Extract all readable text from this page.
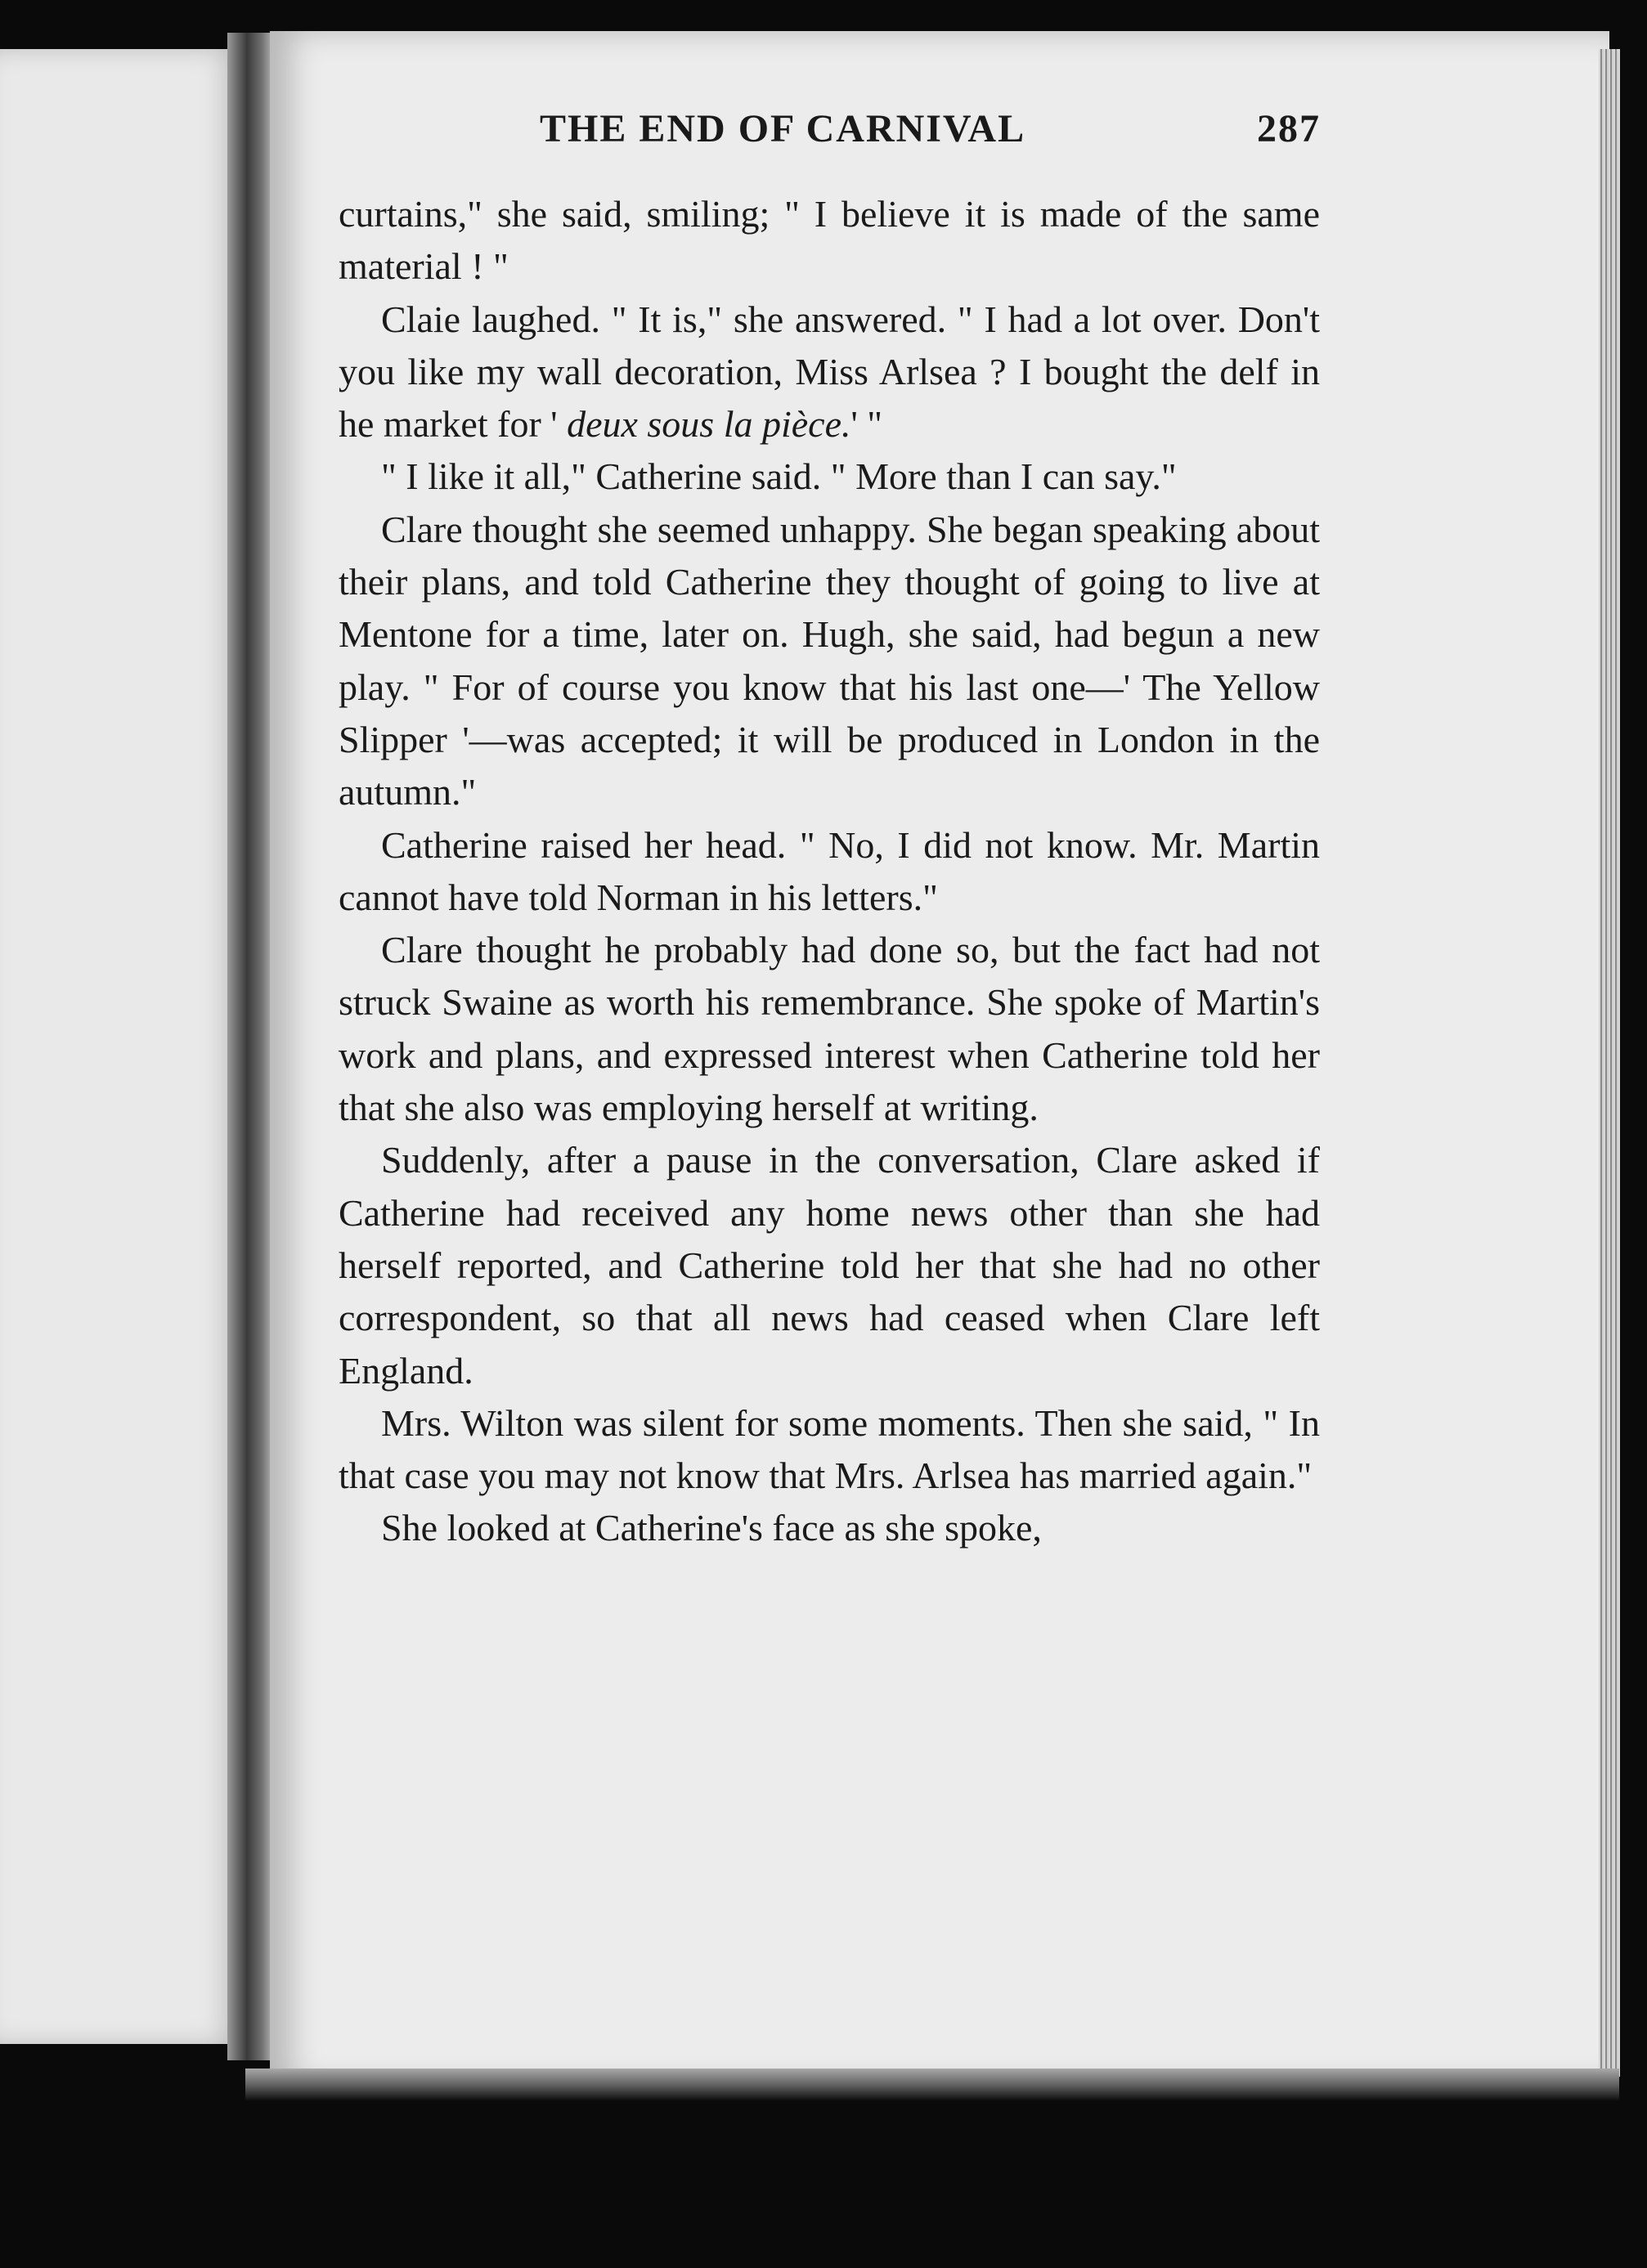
THE END OF CARNIVAL	287

curtains," she said, smiling; " I believe it is made of the same material ! "

Claie laughed. " It is," she answered. " I had a lot over. Don't you like my wall decoration, Miss Arlsea ? I bought the delf in he market for ' deux sous la pièce.' "

" I like it all," Catherine said. " More than I can say."

Clare thought she seemed unhappy. She began speaking about their plans, and told Catherine they thought of going to live at Mentone for a time, later on. Hugh, she said, had begun a new play. " For of course you know that his last one—' The Yellow Slipper '—was accepted; it will be produced in London in the autumn."

Catherine raised her head. " No, I did not know. Mr. Martin cannot have told Norman in his letters."

Clare thought he probably had done so, but the fact had not struck Swaine as worth his remembrance. She spoke of Martin's work and plans, and expressed interest when Catherine told her that she also was employing herself at writing.

Suddenly, after a pause in the conversation, Clare asked if Catherine had received any home news other than she had herself reported, and Catherine told her that she had no other correspondent, so that all news had ceased when Clare left England.

Mrs. Wilton was silent for some moments. Then she said, " In that case you may not know that Mrs. Arlsea has married again."

She looked at Catherine's face as she spoke,
